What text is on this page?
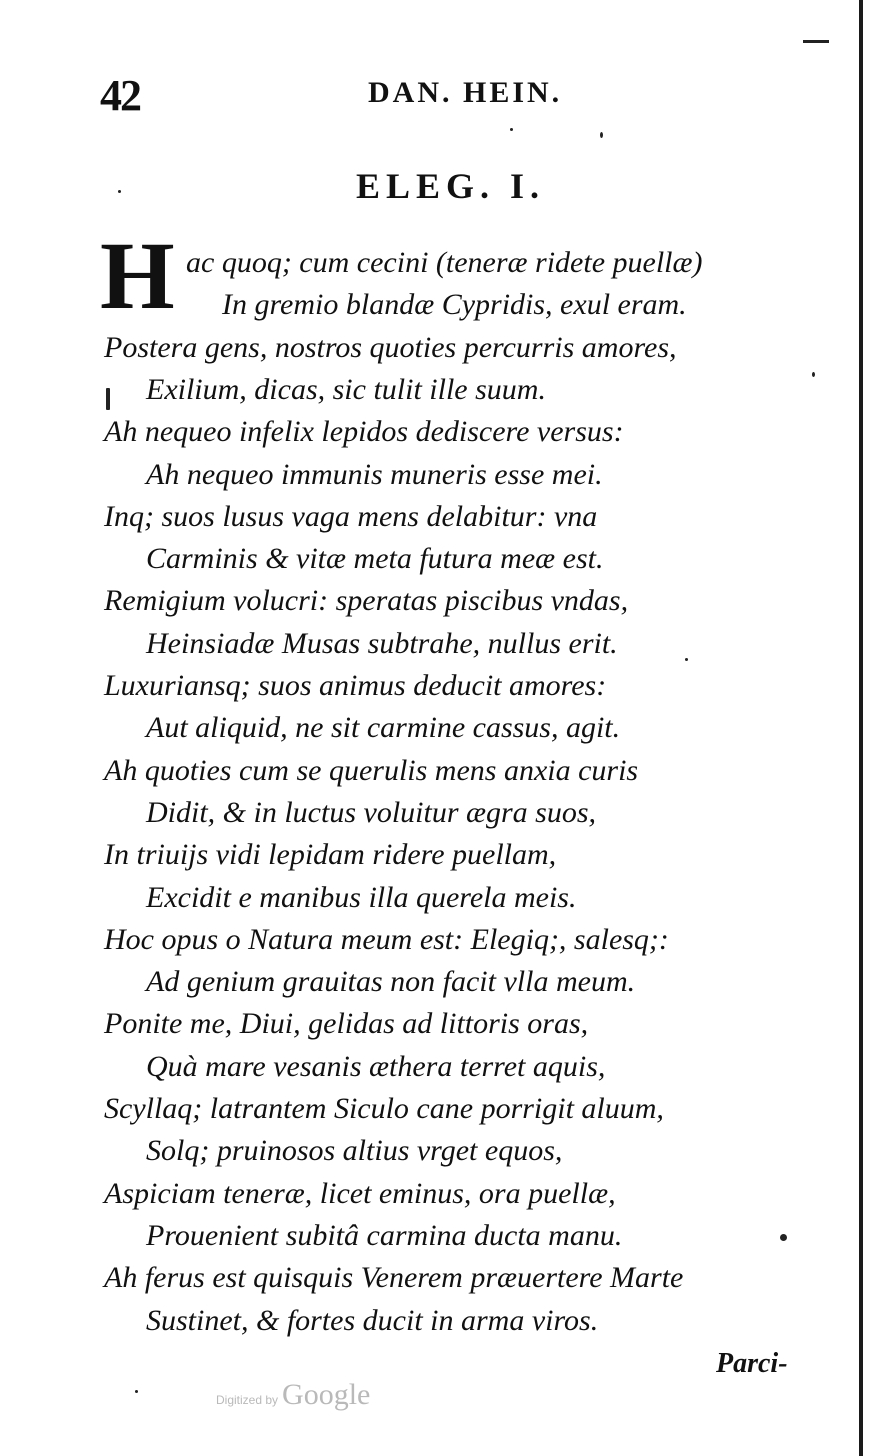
42	DAN. HEIN.
ELEG. I.
H ac quoq; cum cecini (teneræ ridete puellæ)
In gremio blandæ Cypridis, exul eram.
Postera gens, nostros quoties percurris amores,
Exilium, dicas, sic tulit ille suum.
Ah nequeo infelix lepidos dediscere versus:
Ah nequeo immunis muneris esse mei.
Inq; suos lusus vaga mens delabitur: vna
Carminis & vitæ meta futura meæ est.
Remigium volucri: speratas piscibus vndas,
Heinsiadæ Musas subtrahe, nullus erit.
Luxuriansq; suos animus deducit amores:
Aut aliquid, ne sit carmine cassus, agit.
Ah quoties cum se querulis mens anxia curis
Didit, & in luctus voluitur ægra suos,
In triuijs vidi lepidam ridere puellam,
Excidit e manibus illa querela meis.
Hoc opus o Natura meum est: Elegiq;, salesq;:
Ad genium grauitas non facit vlla meum.
Ponite me, Diui, gelidas ad littoris oras,
Quà mare vesanis æthera terret aquis,
Scyllaq; latrantem Siculo cane porrigit aluum,
Solq; pruinosos altius vrget equos,
Aspiciam teneræ, licet eminus, ora puellæ,
Prouenient subitâ carmina ducta manu.
Ah ferus est quisquis Venerem præuertere Marte
Sustinet, & fortes ducit in arma viros.
Parci-
Digitized by Google
